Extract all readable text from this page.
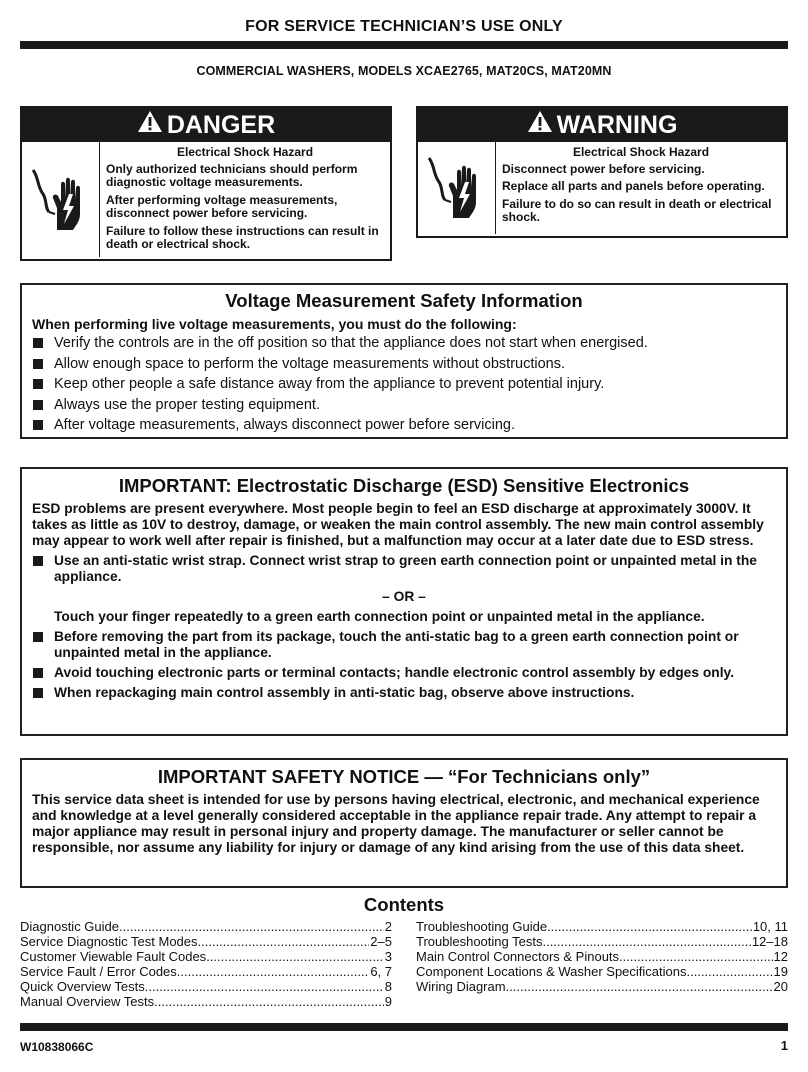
FOR SERVICE TECHNICIAN’S USE ONLY
COMMERCIAL WASHERS, MODELS XCAE2765, MAT20CS, MAT20MN
DANGER
Electrical Shock Hazard

Only authorized technicians should perform diagnostic voltage measurements.

After performing voltage measurements, disconnect power before servicing.

Failure to follow these instructions can result in death or electrical shock.

WARNING
Electrical Shock Hazard

Disconnect power before servicing.

Replace all parts and panels before operating.

Failure to do so can result in death or electrical shock.

Voltage Measurement Safety Information
When performing live voltage measurements, you must do the following:
Verify the controls are in the off position so that the appliance does not start when energised.
Allow enough space to perform the voltage measurements without obstructions.
Keep other people a safe distance away from the appliance to prevent potential injury.
Always use the proper testing equipment.
After voltage measurements, always disconnect power before servicing.
IMPORTANT: Electrostatic Discharge (ESD) Sensitive Electronics
ESD problems are present everywhere. Most people begin to feel an ESD discharge at approximately 3000V. It takes as little as 10V to destroy, damage, or weaken the main control assembly. The new main control assembly may appear to work well after repair is finished, but a malfunction may occur at a later date due to ESD stress.
Use an anti-static wrist strap. Connect wrist strap to green earth connection point or unpainted metal in the appliance.
– OR –
Touch your finger repeatedly to a green earth connection point or unpainted metal in the appliance.
Before removing the part from its package, touch the anti-static bag to a green earth connection point or unpainted metal in the appliance.
Avoid touching electronic parts or terminal contacts; handle electronic control assembly by edges only.
When repackaging main control assembly in anti-static bag, observe above instructions.
IMPORTANT SAFETY NOTICE — “For Technicians only”
This service data sheet is intended for use by persons having electrical, electronic, and mechanical experience and knowledge at a level generally considered acceptable in the appliance repair trade. Any attempt to repair a major appliance may result in personal injury and property damage. The manufacturer or seller cannot be responsible, nor assume any liability for injury or damage of any kind arising from the use of this data sheet.
Contents
Diagnostic Guide .....	2
Service Diagnostic Test Modes .....	2–5
Customer Viewable Fault Codes .....	3
Service Fault / Error Codes .....	6, 7
Quick Overview Tests .....	8
Manual Overview Tests .....	9
Troubleshooting Guide .....	10, 11
Troubleshooting Tests .....	12–18
Main Control Connectors & Pinouts .....	12
Component Locations & Washer Specifications .....	19
Wiring Diagram .....	20
W10838066C	1
